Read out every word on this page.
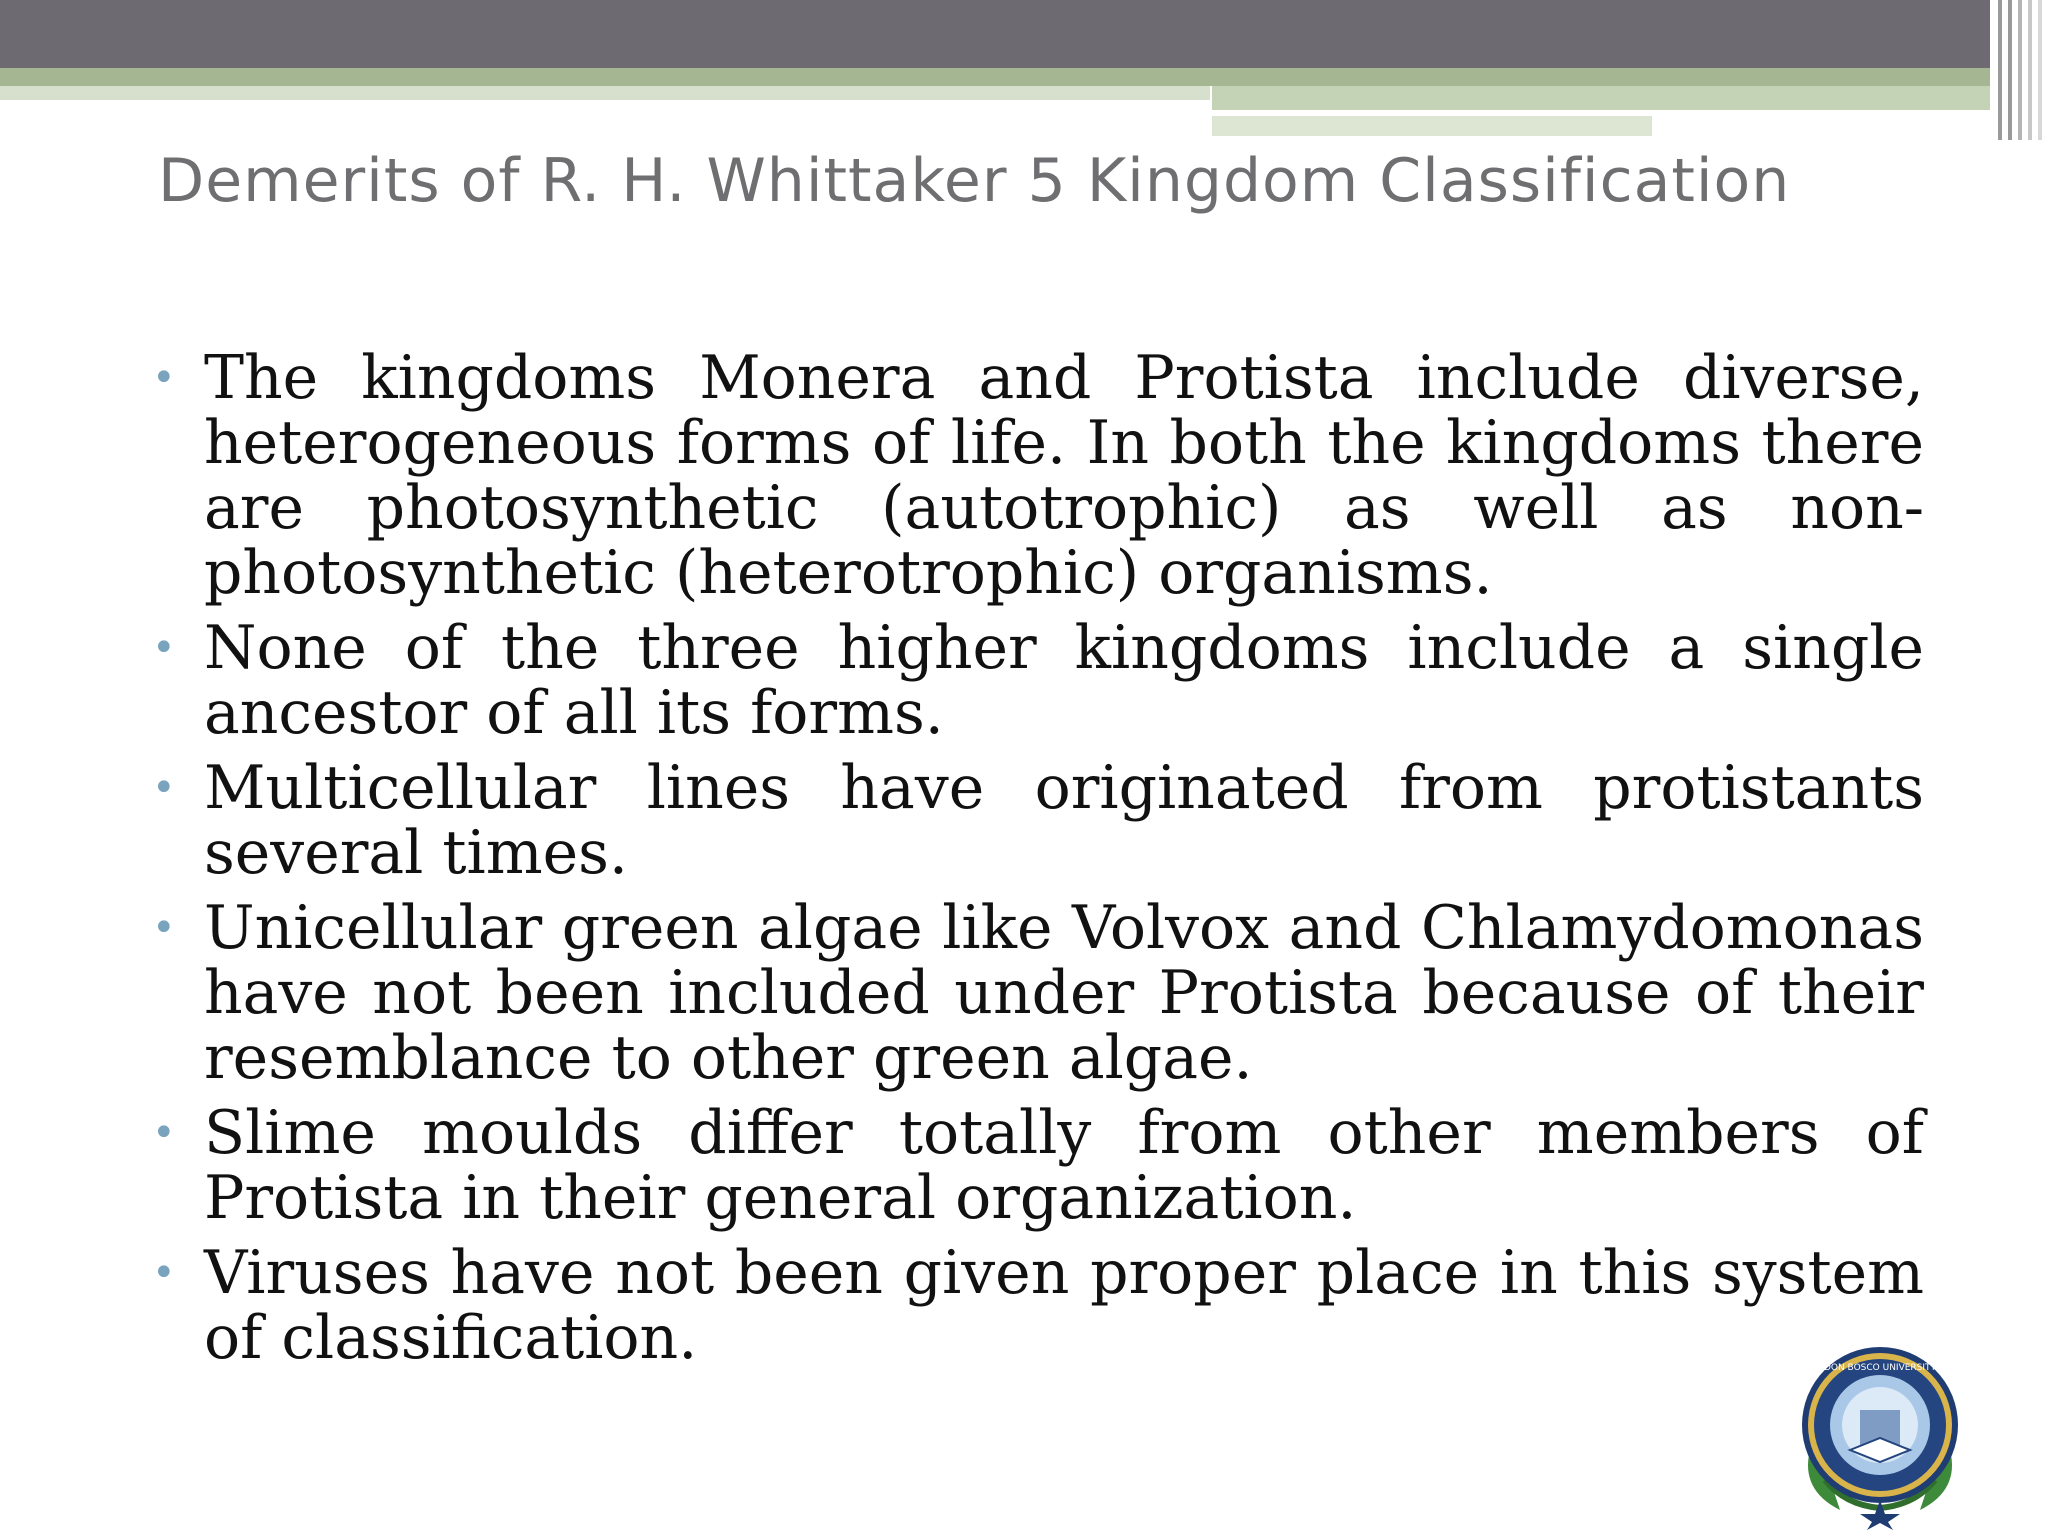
Demerits of R. H. Whittaker 5 Kingdom Classification
• The kingdoms Monera and Protista include diverse, heterogeneous forms of life. In both the kingdoms there are photosynthetic (autotrophic) as well as non-photosynthetic (heterotrophic) organisms.
• None of the three higher kingdoms include a single ancestor of all its forms.
• Multicellular lines have originated from protistants several times.
• Unicellular green algae like Volvox and Chlamydomonas have not been included under Protista because of their resemblance to other green algae.
• Slime moulds differ totally from other members of Protista in their general organization.
• Viruses have not been given proper place in this system of classification.	DON BOSCO UNIVERSITY
